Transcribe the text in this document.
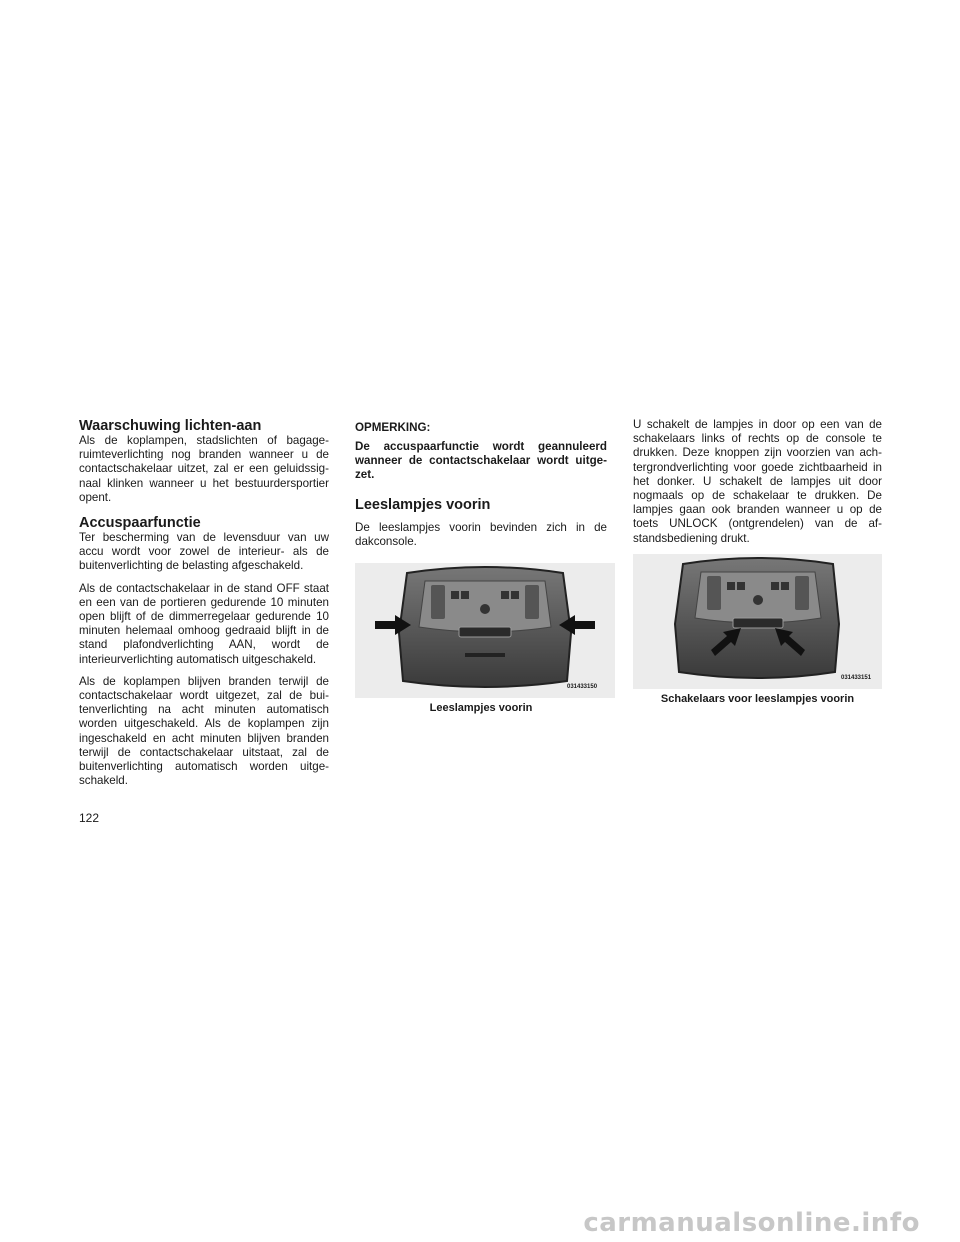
Waarschuwing lichten-aan

Als de koplampen, stadslichten of bagage-ruimteverlichting nog branden wanneer u de contactschakelaar uitzet, zal er een geluidssig-naal klinken wanneer u het bestuurdersportier opent.

Accuspaarfunctie

Ter bescherming van de levensduur van uw accu wordt voor zowel de interieur- als de buitenverlichting de belasting afgeschakeld.

Als de contactschakelaar in de stand OFF staat en een van de portieren gedurende 10 minuten open blijft of de dimmerregelaar gedurende 10 minuten helemaal omhoog gedraaid blijft in de stand plafondverlichting AAN, wordt de interieurverlichting automatisch uitgeschakeld.

Als de koplampen blijven branden terwijl de contactschakelaar wordt uitgezet, zal de bui-tenverlichting na acht minuten automatisch worden uitgeschakeld. Als de koplampen zijn ingeschakeld en acht minuten blijven branden terwijl de contactschakelaar uitstaat, zal de buitenverlichting automatisch worden uitge-schakeld.

OPMERKING:

De accuspaarfunctie wordt geannuleerd wanneer de contactschakelaar wordt uitge-zet.

Leeslampjes voorin

De leeslampjes voorin bevinden zich in de dakconsole.

031433150
Leeslampjes voorin

U schakelt de lampjes in door op een van de schakelaars links of rechts op de console te drukken. Deze knoppen zijn voorzien van ach-tergrondverlichting voor goede zichtbaarheid in het donker. U schakelt de lampjes uit door nogmaals op de schakelaar te drukken. De lampjes gaan ook branden wanneer u op de toets UNLOCK (ontgrendelen) van de af-standsbediening drukt.

031433151
Schakelaars voor leeslampjes voorin
122
carmanualsonline.info
